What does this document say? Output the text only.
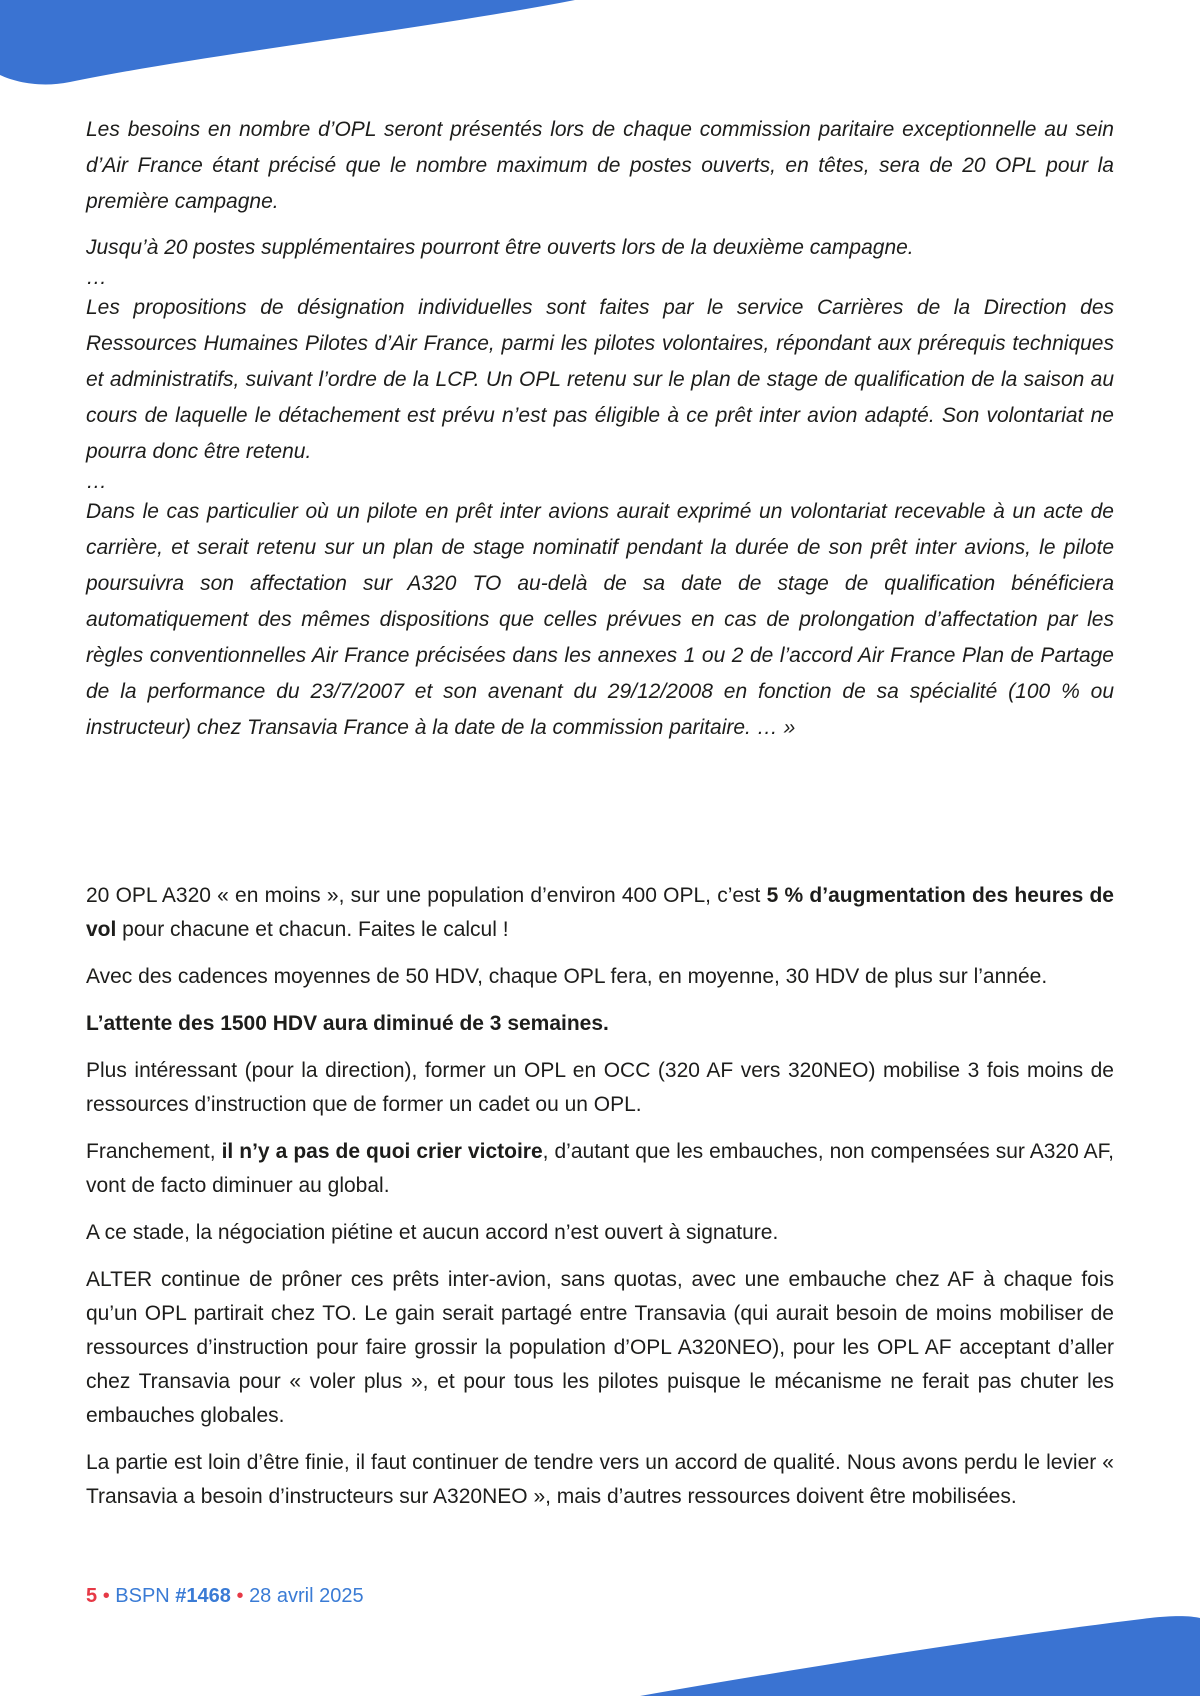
Les besoins en nombre d’OPL seront présentés lors de chaque commission paritaire exceptionnelle au sein d’Air France étant précisé que le nombre maximum de postes ouverts, en têtes, sera de 20 OPL pour la première campagne.

Jusqu’à 20 postes supplémentaires pourront être ouverts lors de la deuxième campagne.

…

Les propositions de désignation individuelles sont faites par le service Carrières de la Direction des Ressources Humaines Pilotes d’Air France, parmi les pilotes volontaires, répondant aux prérequis techniques et administratifs, suivant l’ordre de la LCP. Un OPL retenu sur le plan de stage de qualification de la saison au cours de laquelle le détachement est prévu n’est pas éligible à ce prêt inter avion adapté. Son volontariat ne pourra donc être retenu.

…

Dans le cas particulier où un pilote en prêt inter avions aurait exprimé un volontariat recevable à un acte de carrière, et serait retenu sur un plan de stage nominatif pendant la durée de son prêt inter avions, le pilote poursuivra son affectation sur A320 TO au-delà de sa date de stage de qualification bénéficiera automatiquement des mêmes dispositions que celles prévues en cas de prolongation d’affectation par les règles conventionnelles Air France précisées dans les annexes 1 ou 2 de l’accord Air France Plan de Partage de la performance du 23/7/2007 et son avenant du 29/12/2008 en fonction de sa spécialité (100 % ou instructeur) chez Transavia France à la date de la commission paritaire. … »

20 OPL A320 « en moins », sur une population d’environ 400 OPL, c’est 5 % d’augmentation des heures de vol pour chacune et chacun. Faites le calcul !

Avec des cadences moyennes de 50 HDV, chaque OPL fera, en moyenne, 30 HDV de plus sur l’année.

L’attente des 1500 HDV aura diminué de 3 semaines.

Plus intéressant (pour la direction), former un OPL en OCC (320 AF vers 320NEO) mobilise 3 fois moins de ressources d’instruction que de former un cadet ou un OPL.

Franchement, il n’y a pas de quoi crier victoire, d’autant que les embauches, non compensées sur A320 AF, vont de facto diminuer au global.

A ce stade, la négociation piétine et aucun accord n’est ouvert à signature.

ALTER continue de prôner ces prêts inter-avion, sans quotas, avec une embauche chez AF à chaque fois qu’un OPL partirait chez TO. Le gain serait partagé entre Transavia (qui aurait besoin de moins mobiliser de ressources d’instruction pour faire grossir la population d’OPL A320NEO), pour les OPL AF acceptant d’aller chez Transavia pour « voler plus », et pour tous les pilotes puisque le mécanisme ne ferait pas chuter les embauches globales.

La partie est loin d’être finie, il faut continuer de tendre vers un accord de qualité. Nous avons perdu le levier « Transavia a besoin d’instructeurs sur A320NEO », mais d’autres ressources doivent être mobilisées.

5 • BSPN #1468 • 28 avril 2025
